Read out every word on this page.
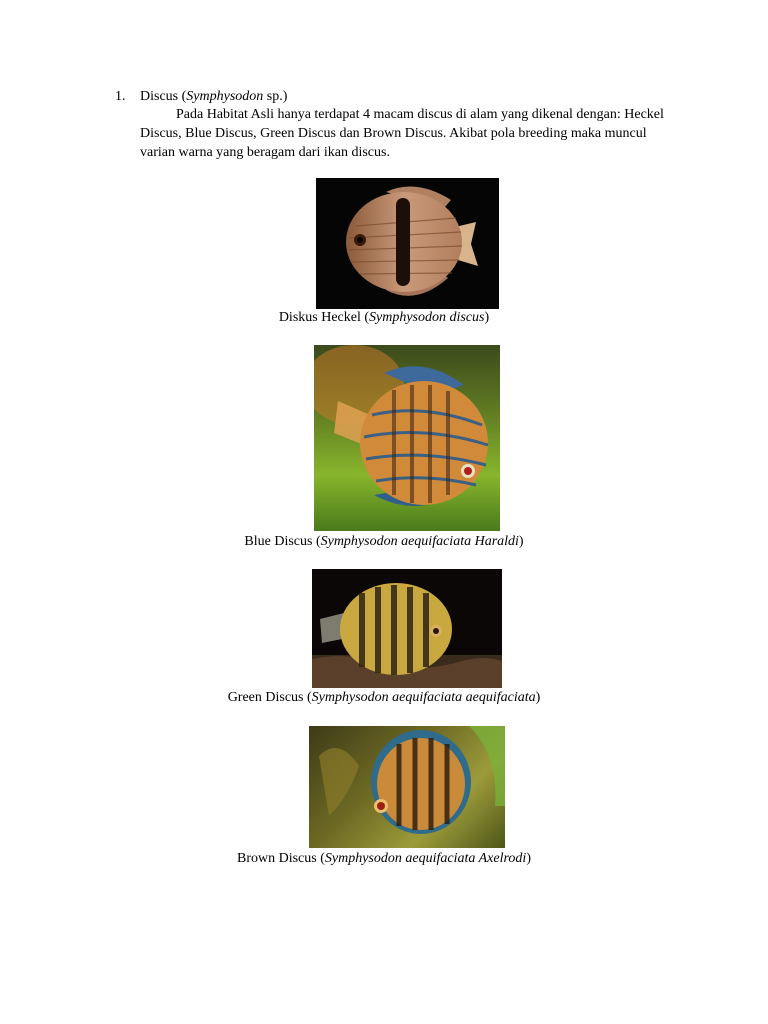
1. Discus (Symphysodon sp.)
Pada Habitat Asli hanya terdapat 4 macam discus di alam yang dikenal dengan: Heckel Discus, Blue Discus, Green Discus dan Brown Discus. Akibat pola breeding maka muncul varian warna yang beragam dari ikan discus.
Diskus Heckel (Symphysodon discus)
Blue Discus (Symphysodon aequifaciata Haraldi)
Green Discus (Symphysodon aequifaciata aequifaciata)
Brown Discus (Symphysodon aequifaciata Axelrodi)
